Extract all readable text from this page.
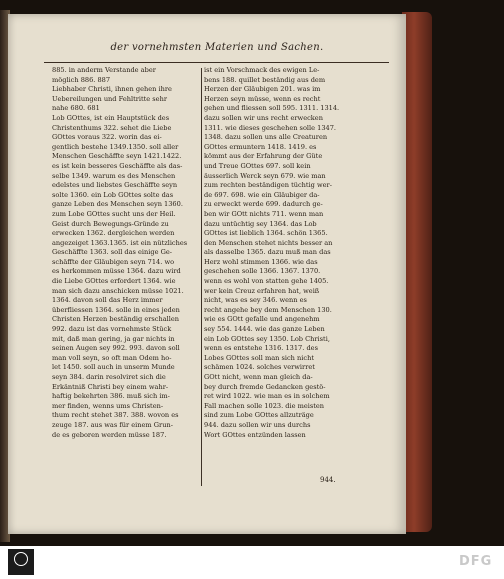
der vornehmsten Materien und Sachen.
885. in anderm Verstande aber
möglich 886. 887
Liebhaber Christi, ihnen gehen ihre
Uebereilungen und Fehltritte sehr
nahe 680. 681
Lob GOttes, ist ein Hauptstück des
Christenthums 322. sehet die Liebe
GOttes voraus 322. worin das ei-
gentlich bestehe 1349.1350. soll aller
Menschen Geschäffte seyn 1421.1422.
es ist kein besseres Geschäffte als das-
selbe 1349. warum es des Menschen
edelstes und liebstes Geschäffte seyn
solte 1360. ein Lob GOttes solte das
ganze Leben des Menschen seyn 1360.
zum Lobe GOttes sucht uns der Heil.
Geist durch Bewegungs-Gründe zu
erwecken 1362. dergleichen werden
angezeiget 1363.1365. ist ein nützliches
Geschäffte 1363. soll das einige Ge-
schäffte der Gläubigen seyn 714. wo
es herkommen müsse 1364. dazu wird
die Liebe GOttes erfordert 1364. wie
man sich dazu anschicken müsse 1021.
1364. davon soll das Herz immer
überfliessen 1364. solle in eines jeden
Christen Herzen beständig erschallen
992. dazu ist das vornehmste Stück
mit, daß man gering, ja gar nichts in
seinen Augen sey 992. 993. davon soll
man voll seyn, so oft man Odem ho-
let 1450. soll auch in unserm Munde
seyn 384. darin resolviret sich die
Erkäntniß Christi bey einem wahr-
haftig bekehrten 386. muß sich im-
mer finden, wenns ums Christen-
thum recht stehet 387. 388. wovon es
zeuge 187. aus was für einem Grun-
de es geboren werden müsse 187.
ist ein Vorschmack des ewigen Le-
bens 188. quillet beständig aus dem
Herzen der Gläubigen 201. was im
Herzen seyn müsse, wenn es recht
gehen und fliessen soll 595. 1311. 1314.
dazu sollen wir uns recht erwecken
1311. wie dieses geschehen solle 1347.
1348. dazu sollen uns alle Creaturen
GOttes ermuntern 1418. 1419. es
kömmt aus der Erfahrung der Güte
und Treue GOttes 697. soll kein
äusserlich Werck seyn 679. wie man
zum rechten beständigen tüchtig wer-
de 697. 698. wie ein Gläubiger da-
zu erweckt werde 699. dadurch ge-
ben wir GOtt nichts 711. wenn man
dazu untüchtig sey 1364. das Lob
GOttes ist lieblich 1364. schön 1365.
den Menschen stehet nichts besser an
als dasselbe 1365. dazu muß man das
Herz wohl stimmen 1366. wie das
geschehen solle 1366. 1367. 1370.
wenn es wohl von statten gehe 1405.
wer kein Creuz erfahren hat, weiß
nicht, was es sey 346. wenn es
recht angehe bey dem Menschen 130.
wie es GOtt gefalle und angenehm
sey 554. 1444. wie das ganze Leben
ein Lob GOttes sey 1350. Lob Christi,
wenn es entstehe 1316. 1317. des
Lobes GOttes soll man sich nicht
schämen 1024. solches verwirret
GOtt nicht, wenn man gleich da-
bey durch fremde Gedancken gestö-
ret wird 1022. wie man es in solchem
Fall machen solle 1023. die meisten
sind zum Lobe GOttes allzuträge
944. dazu sollen wir uns durchs
Wort GOttes entzünden lassen
944.
DFG
